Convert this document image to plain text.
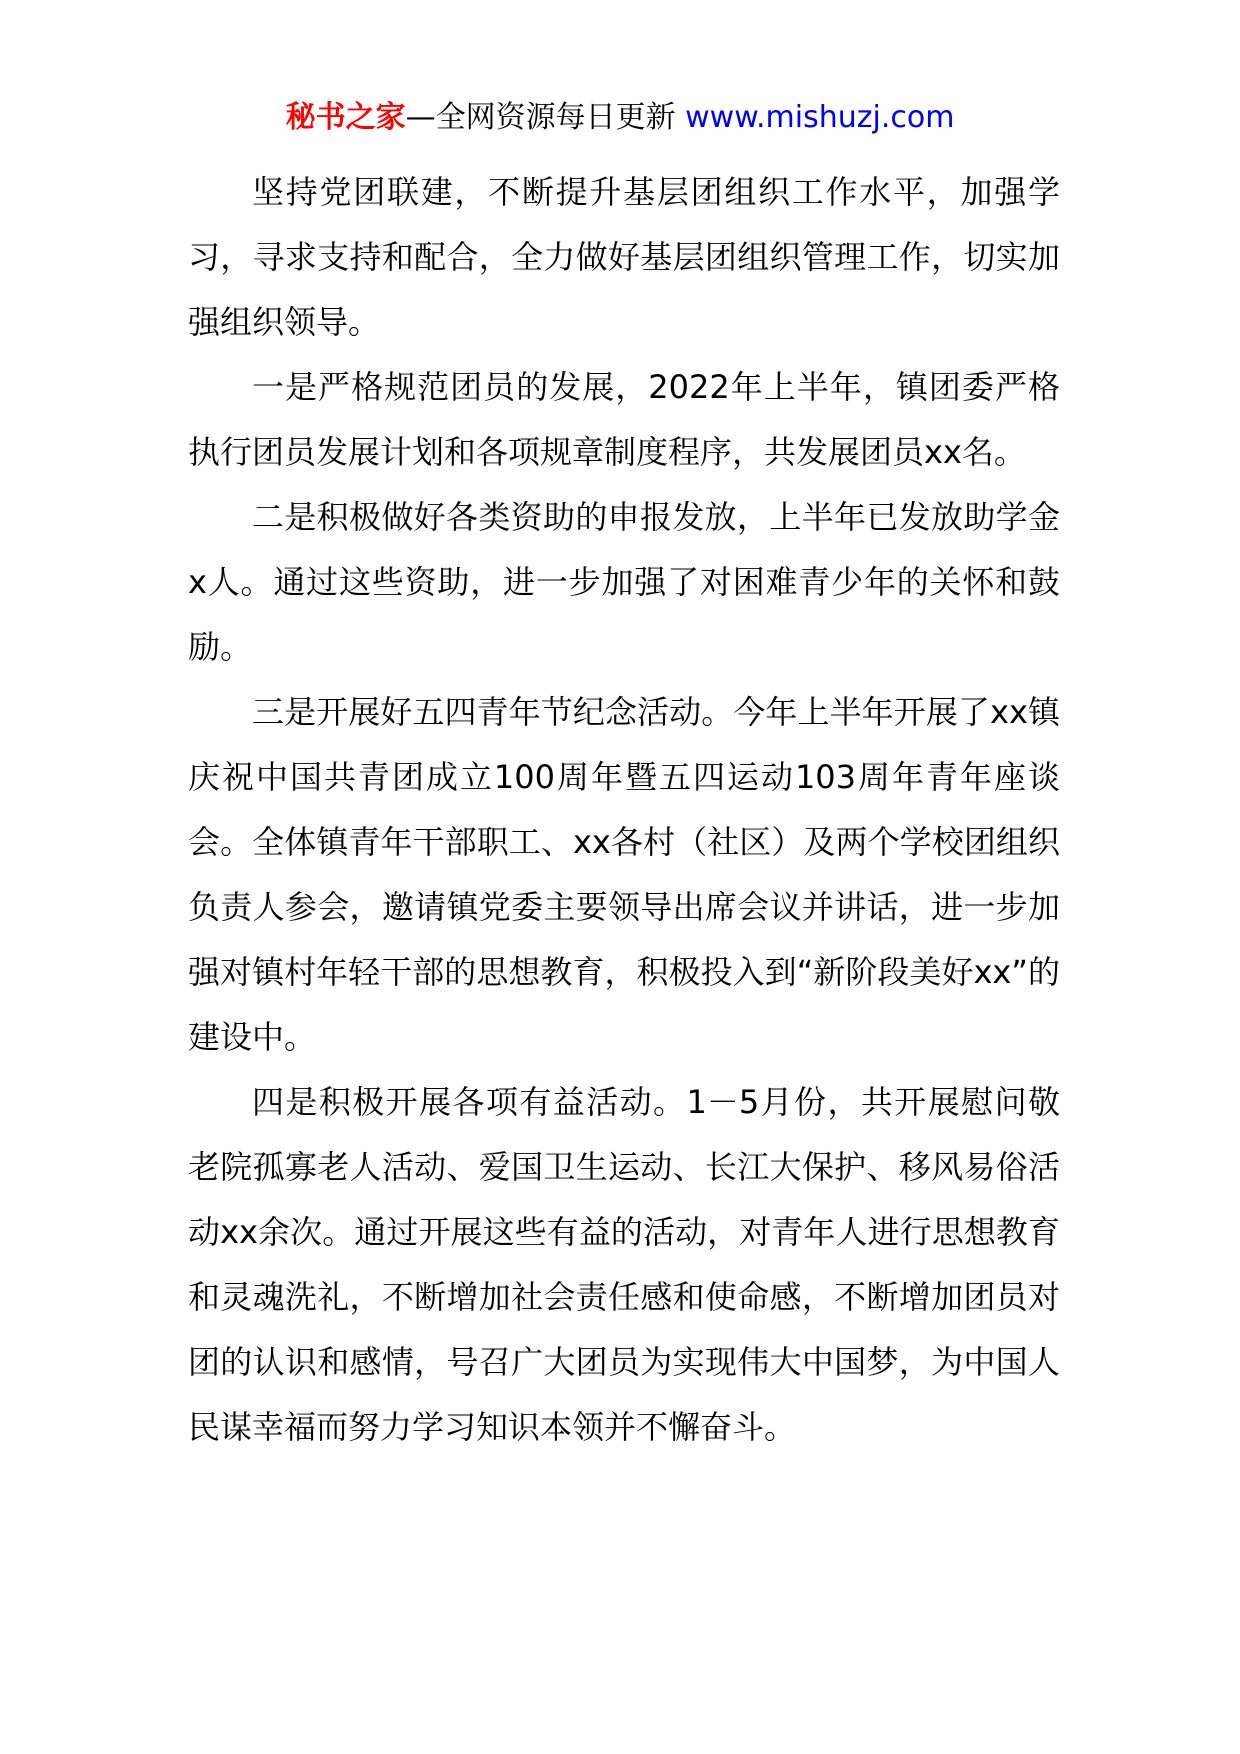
秘书之家—全网资源每日更新 www.mishuzj.com

坚持党团联建，不断提升基层团组织工作水平，加强学习，寻求支持和配合，全力做好基层团组织管理工作，切实加强组织领导。

一是严格规范团员的发展，2022年上半年，镇团委严格执行团员发展计划和各项规章制度程序，共发展团员xx名。

二是积极做好各类资助的申报发放，上半年已发放助学金x人。通过这些资助，进一步加强了对困难青少年的关怀和鼓励。

三是开展好五四青年节纪念活动。今年上半年开展了xx镇庆祝中国共青团成立100周年暨五四运动103周年青年座谈会。全体镇青年干部职工、xx各村（社区）及两个学校团组织负责人参会，邀请镇党委主要领导出席会议并讲话，进一步加强对镇村年轻干部的思想教育，积极投入到“新阶段美好xx”的建设中。

四是积极开展各项有益活动。1－5月份，共开展慰问敬老院孤寡老人活动、爱国卫生运动、长江大保护、移风易俗活动xx余次。通过开展这些有益的活动，对青年人进行思想教育和灵魂洗礼，不断增加社会责任感和使命感，不断增加团员对团的认识和感情，号召广大团员为实现伟大中国梦，为中国人民谋幸福而努力学习知识本领并不懈奋斗。
